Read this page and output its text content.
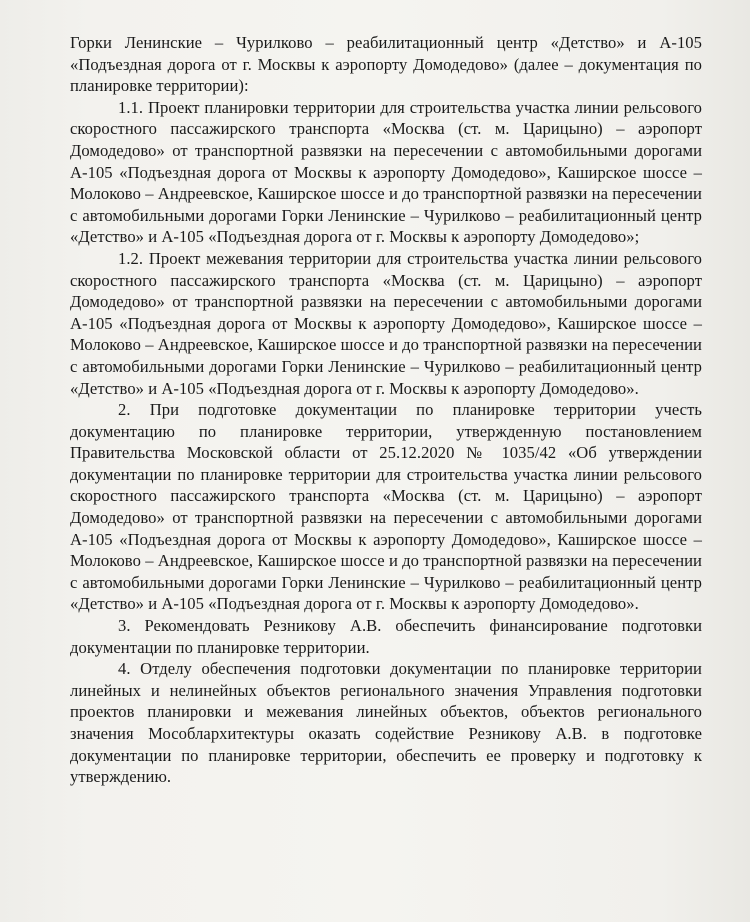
Горки Ленинские – Чурилково – реабилитационный центр «Детство» и А-105 «Подъездная дорога от г. Москвы к аэропорту Домодедово» (далее – документация по планировке территории):

1.1. Проект планировки территории для строительства участка линии рельсового скоростного пассажирского транспорта «Москва (ст. м. Царицыно) – аэропорт Домодедово» от транспортной развязки на пересечении с автомобильными дорогами А-105 «Подъездная дорога от Москвы к аэропорту Домодедово», Каширское шоссе – Молоково – Андреевское, Каширское шоссе и до транспортной развязки на пересечении с автомобильными дорогами Горки Ленинские – Чурилково – реабилитационный центр «Детство» и А-105 «Подъездная дорога от г. Москвы к аэропорту Домодедово»;

1.2. Проект межевания территории для строительства участка линии рельсового скоростного пассажирского транспорта «Москва (ст. м. Царицыно) – аэропорт Домодедово» от транспортной развязки на пересечении с автомобильными дорогами А-105 «Подъездная дорога от Москвы к аэропорту Домодедово», Каширское шоссе – Молоково – Андреевское, Каширское шоссе и до транспортной развязки на пересечении с автомобильными дорогами Горки Ленинские – Чурилково – реабилитационный центр «Детство» и А-105 «Подъездная дорога от г. Москвы к аэропорту Домодедово».

2. При подготовке документации по планировке территории учесть документацию по планировке территории, утвержденную постановлением Правительства Московской области от 25.12.2020 № 1035/42 «Об утверждении документации по планировке территории для строительства участка линии рельсового скоростного пассажирского транспорта «Москва (ст. м. Царицыно) – аэропорт Домодедово» от транспортной развязки на пересечении с автомобильными дорогами А-105 «Подъездная дорога от Москвы к аэропорту Домодедово», Каширское шоссе – Молоково – Андреевское, Каширское шоссе и до транспортной развязки на пересечении с автомобильными дорогами Горки Ленинские – Чурилково – реабилитационный центр «Детство» и А-105 «Подъездная дорога от г. Москвы к аэропорту Домодедово».

3. Рекомендовать Резникову А.В. обеспечить финансирование подготовки документации по планировке территории.

4. Отделу обеспечения подготовки документации по планировке территории линейных и нелинейных объектов регионального значения Управления подготовки проектов планировки и межевания линейных объектов, объектов регионального значения Мособлархитектуры оказать содействие Резникову А.В. в подготовке документации по планировке территории, обеспечить ее проверку и подготовку к утверждению.
